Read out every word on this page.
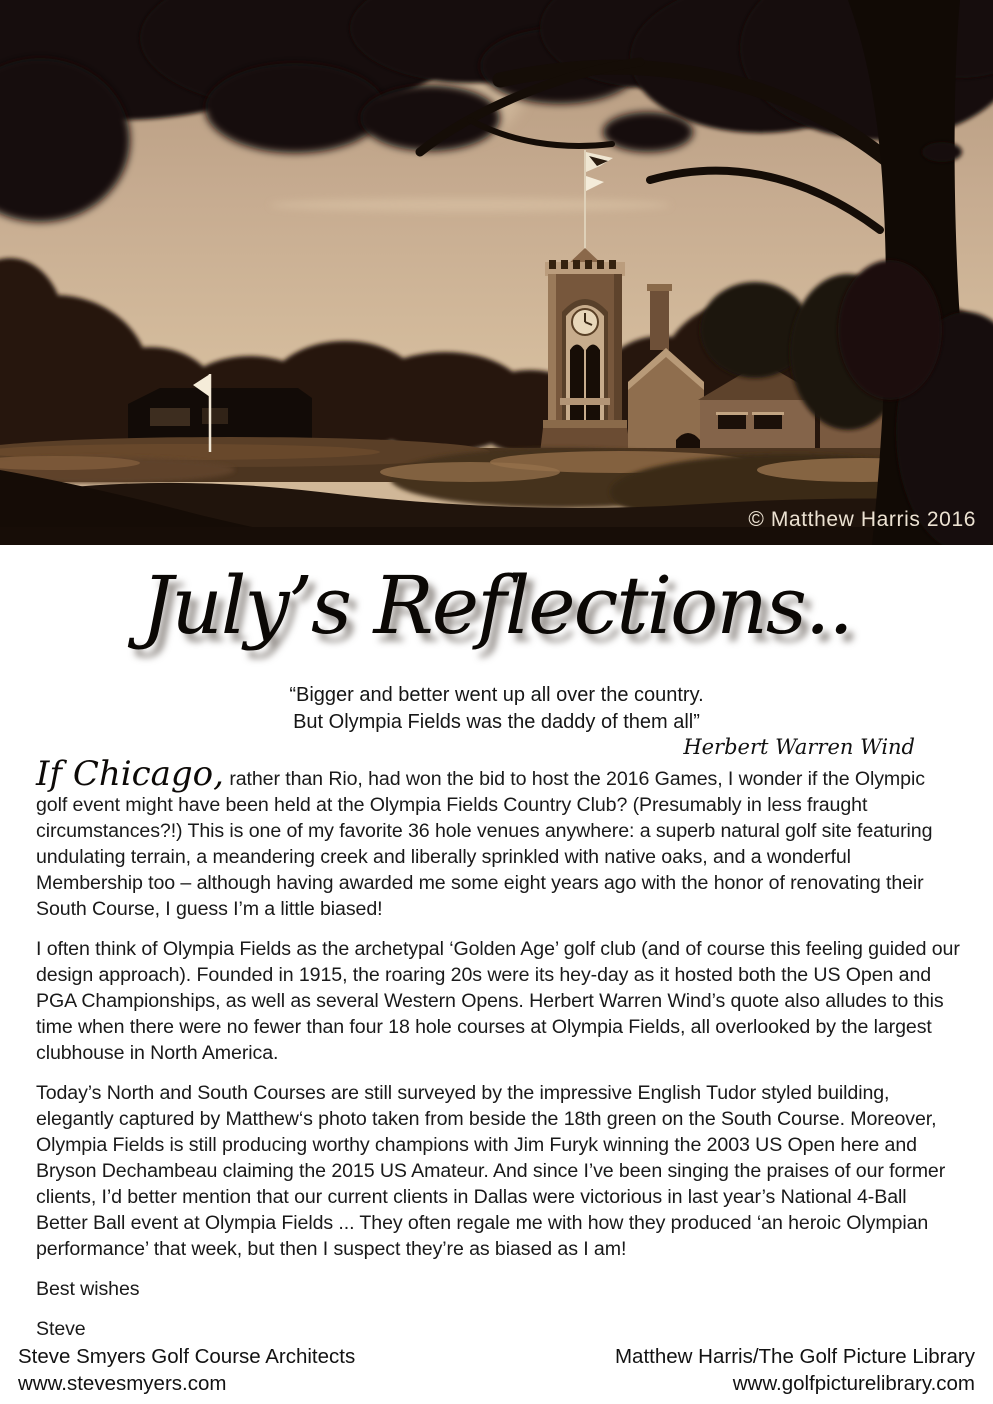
© Matthew Harris 2016
July’s Reflections..
“Bigger and better went up all over the country.
But Olympia Fields was the daddy of them all”
Herbert Warren Wind

If Chicago, rather than Rio, had won the bid to host the 2016 Games, I wonder if the Olympic golf event might have been held at the Olympia Fields Country Club? (Presumably in less fraught circumstances?!) This is one of my favorite 36 hole venues anywhere: a superb natural golf site featuring undulating terrain, a meandering creek and liberally sprinkled with native oaks, and a wonderful Membership too – although having awarded me some eight years ago with the honor of renovating their South Course, I guess I’m a little biased!

I often think of Olympia Fields as the archetypal ‘Golden Age’ golf club (and of course this feeling guided our design approach). Founded in 1915, the roaring 20s were its hey-day as it hosted both the US Open and PGA Championships, as well as several Western Opens. Herbert Warren Wind’s quote also alludes to this time when there were no fewer than four 18 hole courses at Olympia Fields, all overlooked by the largest clubhouse in North America.

Today’s North and South Courses are still surveyed by the impressive English Tudor styled building, elegantly captured by Matthew‘s photo taken from beside the 18th green on the South Course. Moreover, Olympia Fields is still producing worthy champions with Jim Furyk winning the 2003 US Open here and Bryson Dechambeau claiming the 2015 US Amateur. And since I’ve been singing the praises of our former clients, I’d better mention that our current clients in Dallas were victorious in last year’s National 4-Ball Better Ball event at Olympia Fields ... They often regale me with how they produced ‘an heroic Olympian performance’ that week, but then I suspect they’re as biased as I am!

Best wishes

Steve

Steve Smyers Golf Course Architects
www.stevesmyers.com
Matthew Harris/The Golf Picture Library
www.golfpicturelibrary.com
